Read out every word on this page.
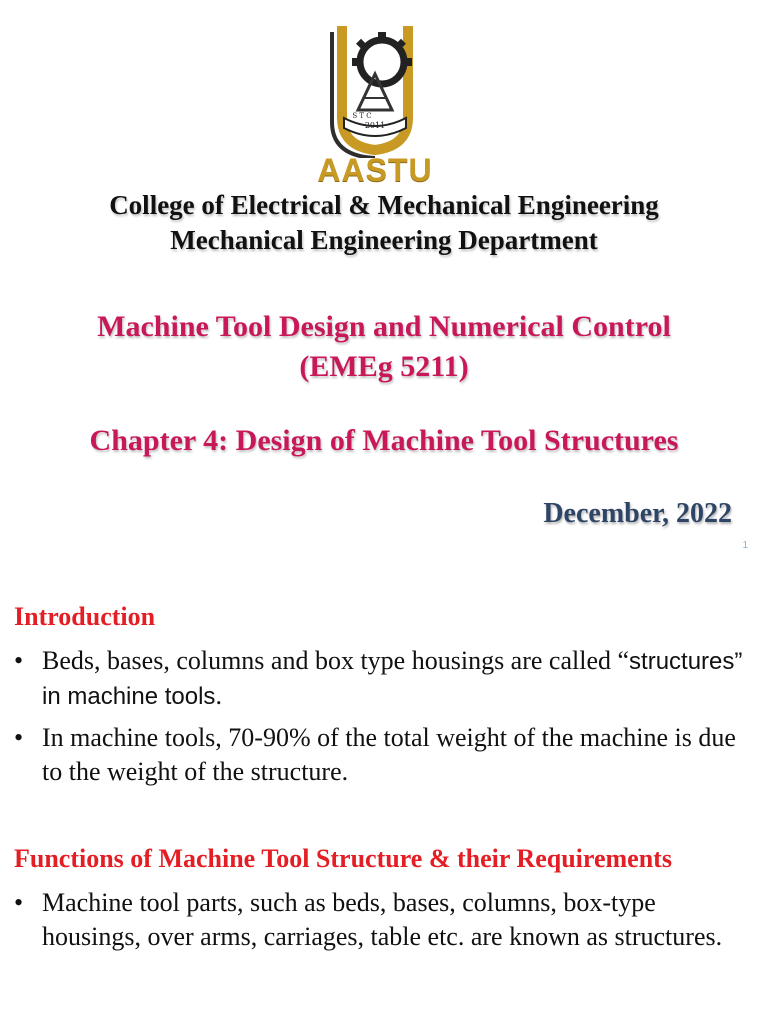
2011
S T C
AASTU
College of Electrical & Mechanical Engineering
Mechanical Engineering Department
Machine Tool Design and Numerical Control
(EMEg 5211)
Chapter 4: Design of Machine Tool Structures
December, 2022
1
Introduction
• Beds, bases, columns and box type housings are called “structures” in machine tools.
• In machine tools, 70-90% of the total weight of the machine is due to the weight of the structure.
Functions of Machine Tool Structure & their Requirements
• Machine tool parts, such as beds, bases, columns, box-type housings, over arms, carriages, table etc. are known as structures.
